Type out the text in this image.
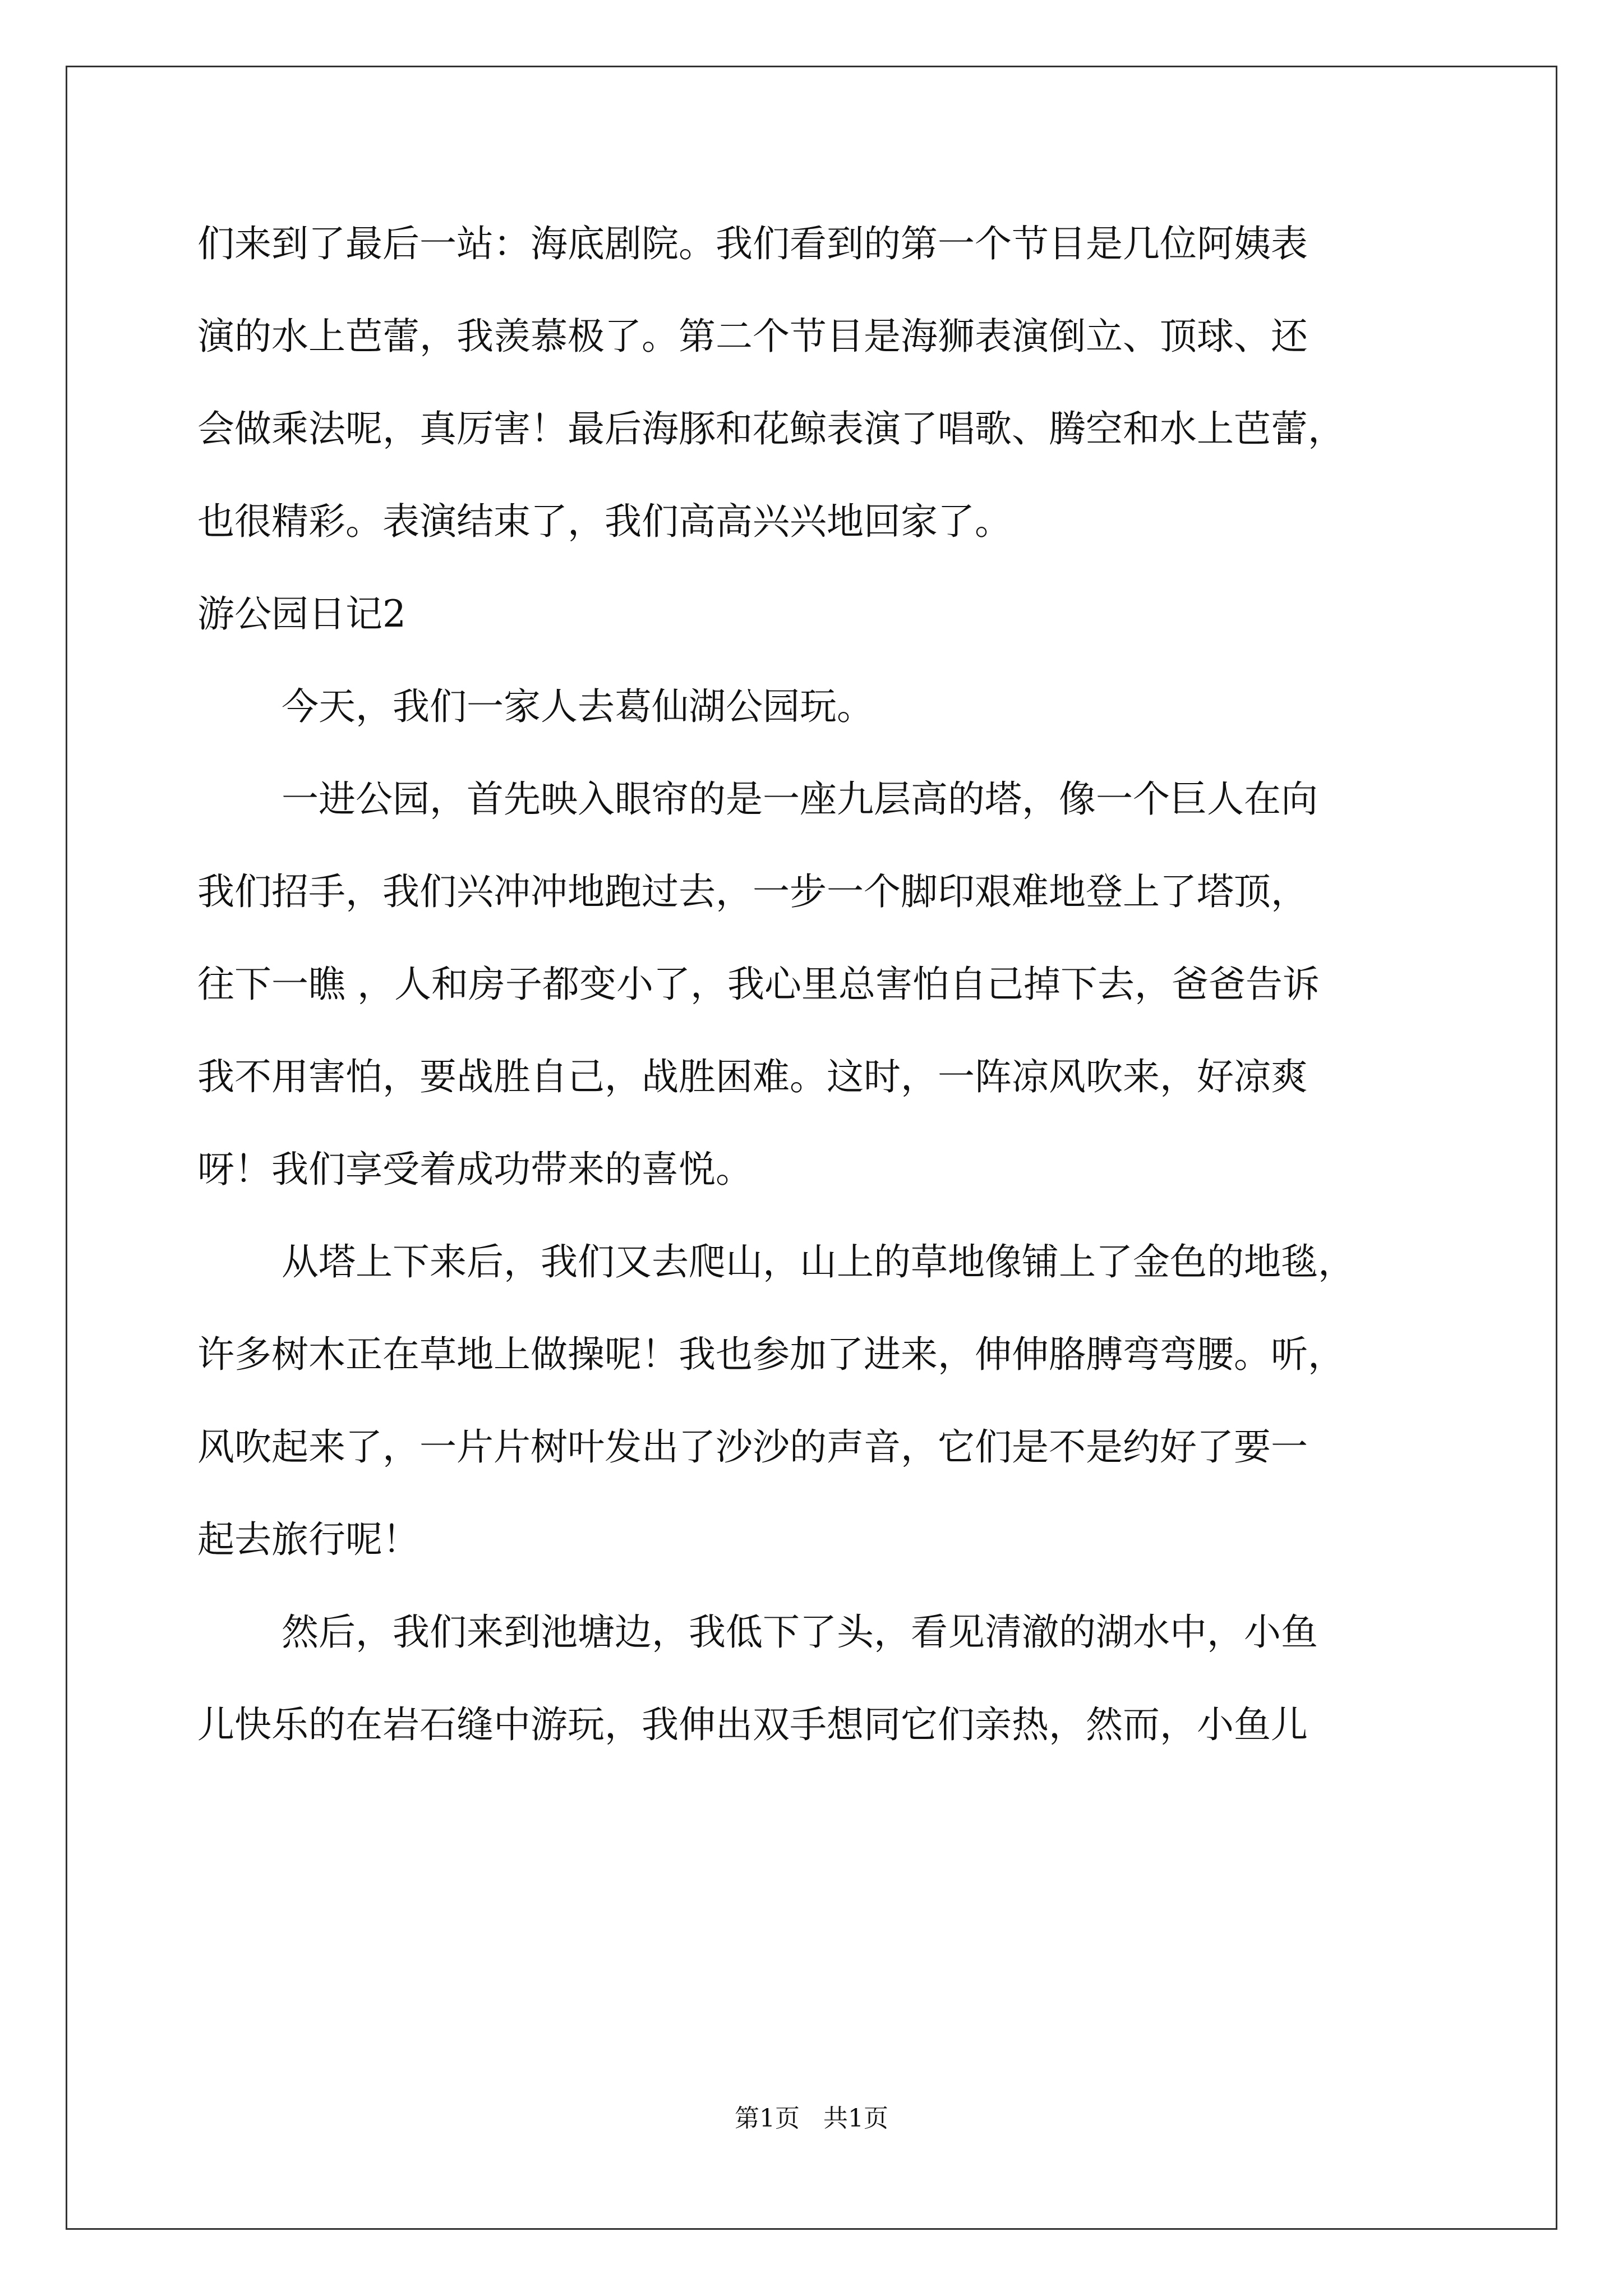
们来到了最后一站：海底剧院。我们看到的第一个节目是几位阿姨表
演的水上芭蕾，我羡慕极了。第二个节目是海狮表演倒立、顶球、还
会做乘法呢，真厉害！最后海豚和花鲸表演了唱歌、腾空和水上芭蕾，
也很精彩。表演结束了，我们高高兴兴地回家了。
游公园日记2
今天，我们一家人去葛仙湖公园玩。
一进公园，首先映入眼帘的是一座九层高的塔，像一个巨人在向
我们招手，我们兴冲冲地跑过去，一步一个脚印艰难地登上了塔顶，
往下一瞧 ，人和房子都变小了，我心里总害怕自己掉下去，爸爸告诉
我不用害怕，要战胜自己，战胜困难。这时，一阵凉风吹来，好凉爽
呀！我们享受着成功带来的喜悦。
从塔上下来后，我们又去爬山，山上的草地像铺上了金色的地毯，
许多树木正在草地上做操呢！我也参加了进来，伸伸胳膊弯弯腰。听，
风吹起来了，一片片树叶发出了沙沙的声音，它们是不是约好了要一
起去旅行呢！
然后，我们来到池塘边，我低下了头，看见清澈的湖水中，小鱼
儿快乐的在岩石缝中游玩，我伸出双手想同它们亲热，然而，小鱼儿
第1页   共1页
